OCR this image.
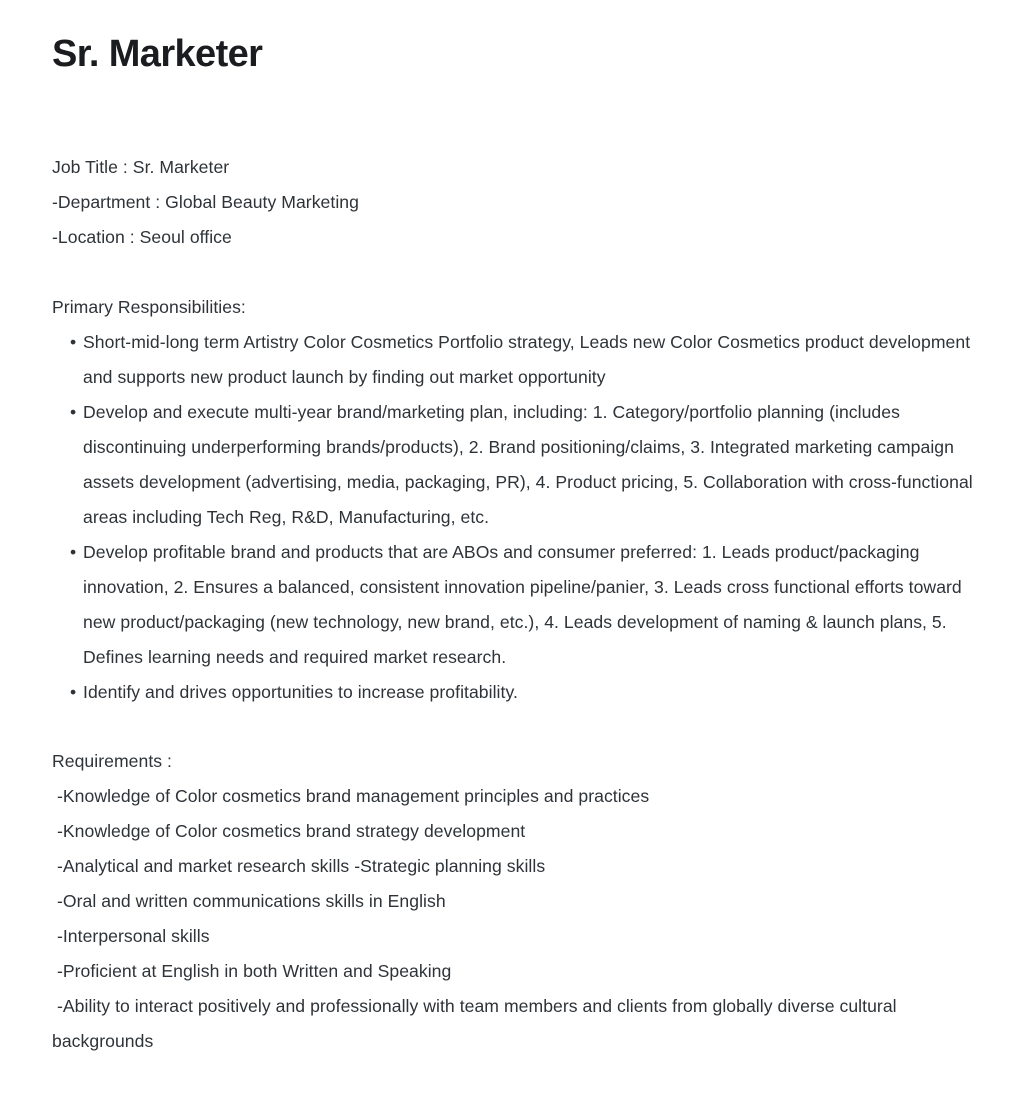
Sr. Marketer
Job Title : Sr. Marketer
-Department : Global Beauty Marketing
-Location : Seoul office
Primary Responsibilities:
• Short-mid-long term Artistry Color Cosmetics Portfolio strategy, Leads new Color Cosmetics product development and supports new product launch by finding out market opportunity
• Develop and execute multi-year brand/marketing plan, including: 1. Category/portfolio planning (includes discontinuing underperforming brands/products), 2. Brand positioning/claims, 3. Integrated marketing campaign assets development (advertising, media, packaging, PR), 4. Product pricing, 5. Collaboration with cross-functional areas including Tech Reg, R&D, Manufacturing, etc.
• Develop profitable brand and products that are ABOs and consumer preferred: 1. Leads product/packaging innovation, 2. Ensures a balanced, consistent innovation pipeline/panier, 3. Leads cross functional efforts toward new product/packaging (new technology, new brand, etc.), 4. Leads development of naming & launch plans, 5. Defines learning needs and required market research.
• Identify and drives opportunities to increase profitability.
Requirements :
-Knowledge of Color cosmetics brand management principles and practices
-Knowledge of Color cosmetics brand strategy development
-Analytical and market research skills -Strategic planning skills
-Oral and written communications skills in English
-Interpersonal skills
-Proficient at English in both Written and Speaking
-Ability to interact positively and professionally with team members and clients from globally diverse cultural backgrounds
